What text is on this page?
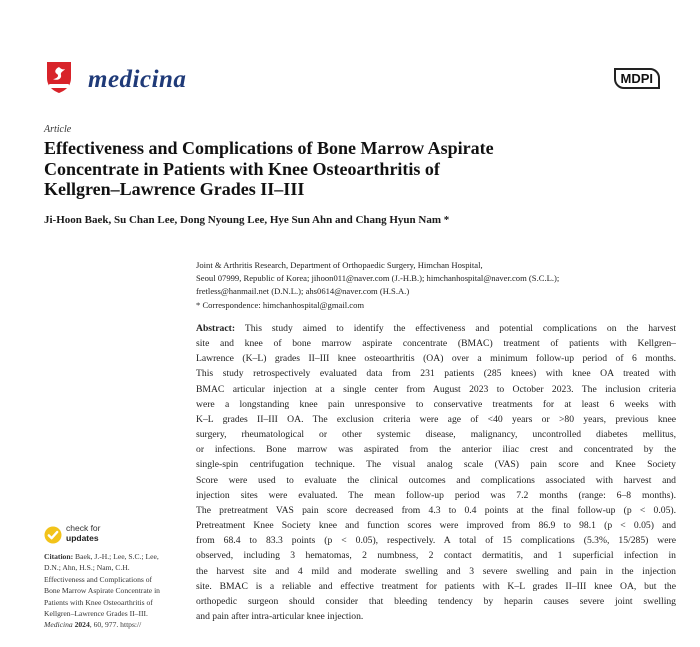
medicina	MDPI
Article
Effectiveness and Complications of Bone Marrow Aspirate
Concentrate in Patients with Knee Osteoarthritis of
Kellgren–Lawrence Grades II–III
Ji-Hoon Baek, Su Chan Lee, Dong Nyoung Lee, Hye Sun Ahn and Chang Hyun Nam *
Joint & Arthritis Research, Department of Orthopaedic Surgery, Himchan Hospital,
Seoul 07999, Republic of Korea; jihoon011@naver.com (J.-H.B.); himchanhospital@naver.com (S.C.L.);
fretless@hanmail.net (D.N.L.); ahs0614@naver.com (H.S.A.)
* Correspondence: himchanhospital@gmail.com
Abstract: This study aimed to identify the effectiveness and potential complications on the harvest
site and knee of bone marrow aspirate concentrate (BMAC) treatment of patients with Kellgren–
Lawrence (K–L) grades II–III knee osteoarthritis (OA) over a minimum follow-up period of 6 months.
This study retrospectively evaluated data from 231 patients (285 knees) with knee OA treated with
BMAC articular injection at a single center from August 2023 to October 2023. The inclusion criteria
were a longstanding knee pain unresponsive to conservative treatments for at least 6 weeks with
K–L grades II–III OA. The exclusion criteria were age of <40 years or >80 years, previous knee
surgery, rheumatological or other systemic disease, malignancy, uncontrolled diabetes mellitus,
or infections. Bone marrow was aspirated from the anterior iliac crest and concentrated by the
single-spin centrifugation technique. The visual analog scale (VAS) pain score and Knee Society
Score were used to evaluate the clinical outcomes and complications associated with harvest and
injection sites were evaluated. The mean follow-up period was 7.2 months (range: 6–8 months).
The pretreatment VAS pain score decreased from 4.3 to 0.4 points at the final follow-up (p < 0.05).
Pretreatment Knee Society knee and function scores were improved from 86.9 to 98.1 (p < 0.05) and
from 68.4 to 83.3 points (p < 0.05), respectively. A total of 15 complications (5.3%, 15/285) were
observed, including 3 hematomas, 2 numbness, 2 contact dermatitis, and 1 superficial infection in
the harvest site and 4 mild and moderate swelling and 3 severe swelling and pain in the injection
site. BMAC is a reliable and effective treatment for patients with K–L grades II–III knee OA, but the
orthopedic surgeon should consider that bleeding tendency by heparin causes severe joint swelling
and pain after intra-articular knee injection.
check for
updates
Citation: Baek, J.-H.; Lee, S.C.; Lee,
D.N.; Ahn, H.S.; Nam, C.H.
Effectiveness and Complications of
Bone Marrow Aspirate Concentrate in
Patients with Knee Osteoarthritis of
Kellgren–Lawrence Grades II–III.
Medicina 2024, 60, 977. https://
